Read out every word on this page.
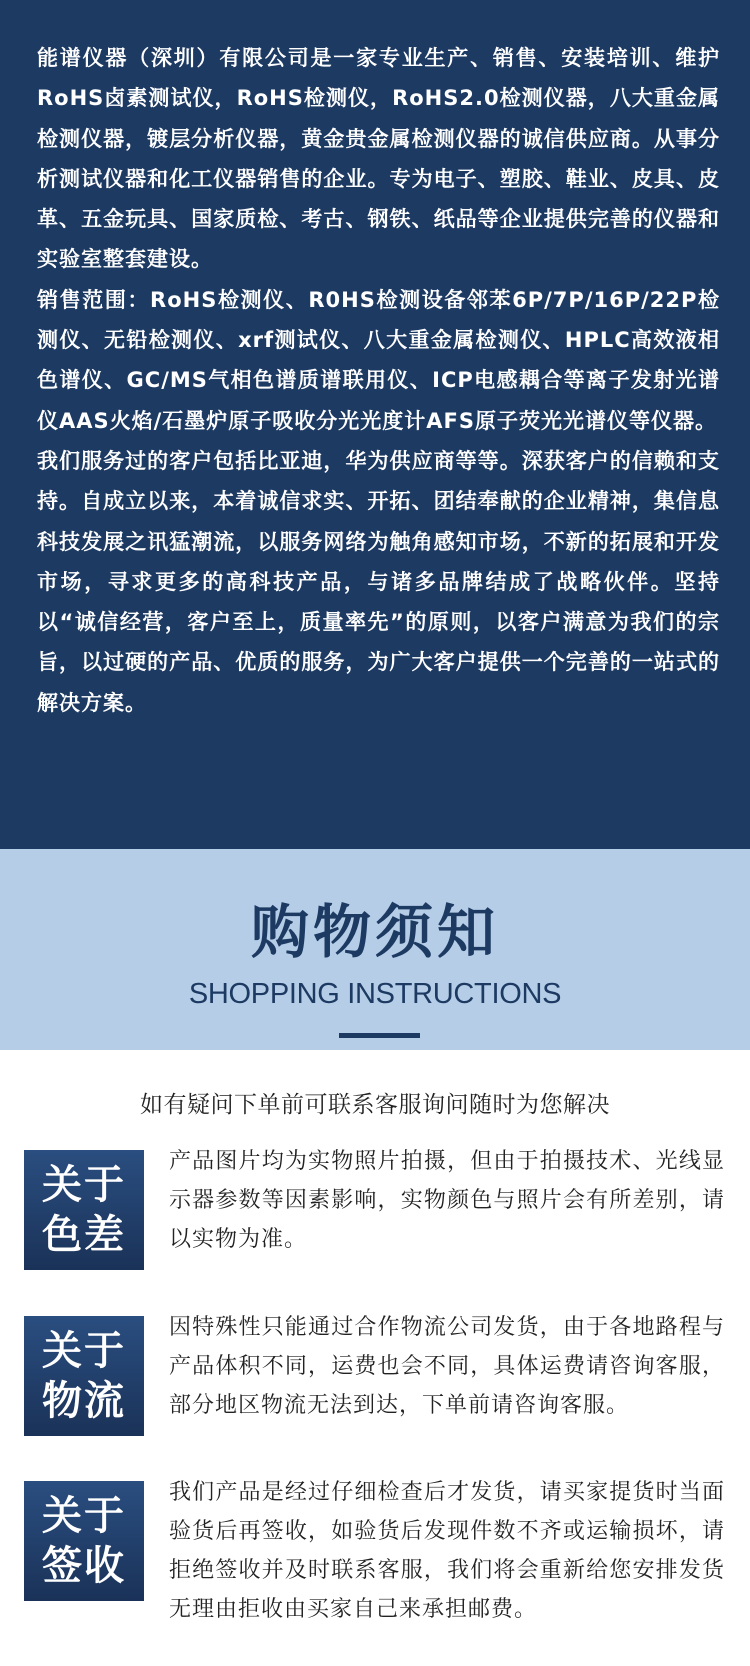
能谱仪器（深圳）有限公司是一家专业生产、销售、安装培训、维护RoHS卤素测试仪，RoHS检测仪，RoHS2.0检测仪器，八大重金属检测仪器，镀层分析仪器，黄金贵金属检测仪器的诚信供应商。从事分析测试仪器和化工仪器销售的企业。专为电子、塑胶、鞋业、皮具、皮革、五金玩具、国家质检、考古、钢铁、纸品等企业提供完善的仪器和实验室整套建设。

销售范围：RoHS检测仪、R0HS检测设备邻苯6P/7P/16P/22P检测仪、无铅检测仪、xrf测试仪、八大重金属检测仪、HPLC高效液相色谱仪、GC/MS气相色谱质谱联用仪、ICP电感耦合等离子发射光谱仪AAS火焰/石墨炉原子吸收分光光度计AFS原子荧光光谱仪等仪器。

我们服务过的客户包括比亚迪，华为供应商等等。深获客户的信赖和支持。自成立以来，本着诚信求实、开拓、团结奉献的企业精神，集信息科技发展之讯猛潮流，以服务网络为触角感知市场，不新的拓展和开发市场，寻求更多的高科技产品，与诸多品牌结成了战略伙伴。坚持以“诚信经营，客户至上，质量率先”的原则，以客户满意为我们的宗旨，以过硬的产品、优质的服务，为广大客户提供一个完善的一站式的解决方案。

购物须知
SHOPPING INSTRUCTIONS
如有疑问下单前可联系客服询问随时为您解决
关于
色差
产品图片均为实物照片拍摄，但由于拍摄技术、光线显示器参数等因素影响，实物颜色与照片会有所差别，请以实物为准。
关于
物流
因特殊性只能通过合作物流公司发货，由于各地路程与产品体积不同，运费也会不同，具体运费请咨询客服，部分地区物流无法到达，下单前请咨询客服。
关于
签收
我们产品是经过仔细检查后才发货，请买家提货时当面验货后再签收，如验货后发现件数不齐或运输损坏，请拒绝签收并及时联系客服，我们将会重新给您安排发货无理由拒收由买家自己来承担邮费。
